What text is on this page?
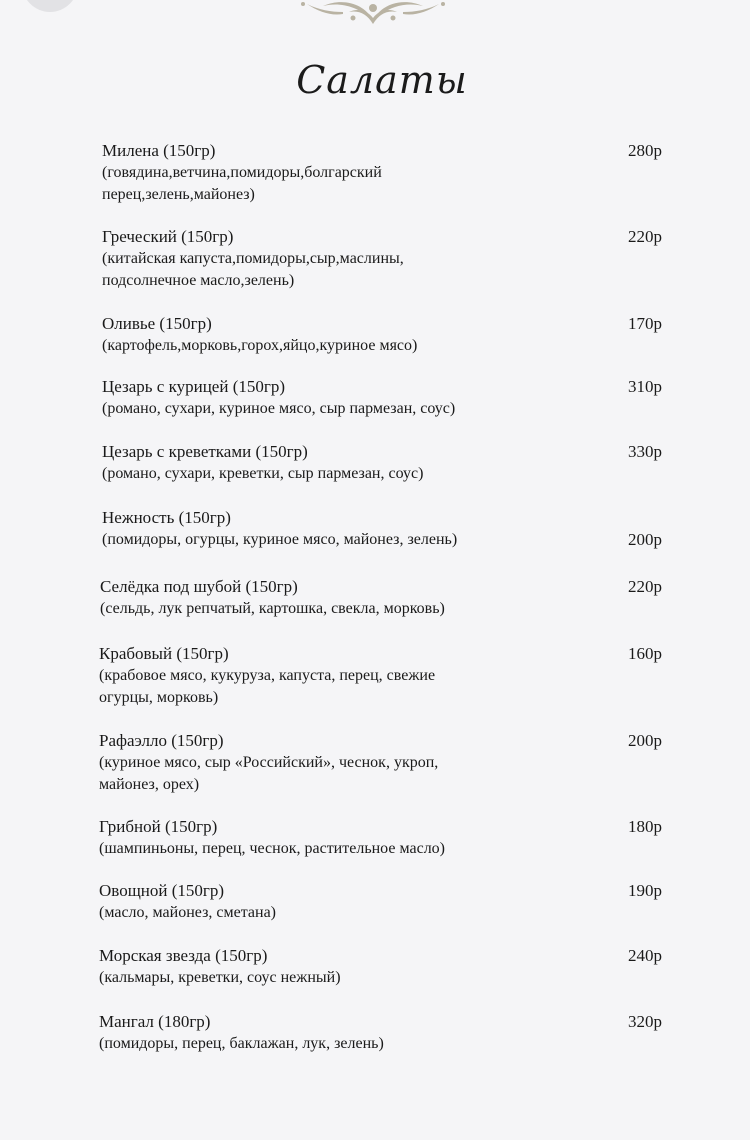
Салаты
Милена (150гр)
(говядина,ветчина,помидоры,болгарский перец,зелень,майонез)
280р
Греческий (150гр)
(китайская капуста,помидоры,сыр,маслины, подсолнечное масло,зелень)
220р
Оливье (150гр)
(картофель,морковь,горох,яйцо,куриное мясо)
170р
Цезарь с курицей (150гр)
(романо, сухари, куриное мясо, сыр пармезан, соус)
310р
Цезарь с креветками (150гр)
(романо, сухари, креветки, сыр пармезан, соус)
330р
Нежность (150гр)
(помидоры, огурцы, куриное мясо, майонез, зелень)	200р
Селёдка под шубой (150гр)
(сельдь, лук репчатый, картошка, свекла, морковь)
220р
Крабовый (150гр)
(крабовое мясо, кукуруза, капуста, перец, свежие огурцы, морковь)
160р
Рафаэлло (150гр)
(куриное мясо, сыр «Российский», чеснок, укроп, майонез, орех)
200р
Грибной (150гр)
(шампиньоны, перец, чеснок, растительное масло)
180р
Овощной (150гр)
(масло, майонез, сметана)
190р
Морская звезда (150гр)
(кальмары, креветки, соус нежный)
240р
Мангал (180гр)
(помидоры, перец, баклажан, лук, зелень)
320р
